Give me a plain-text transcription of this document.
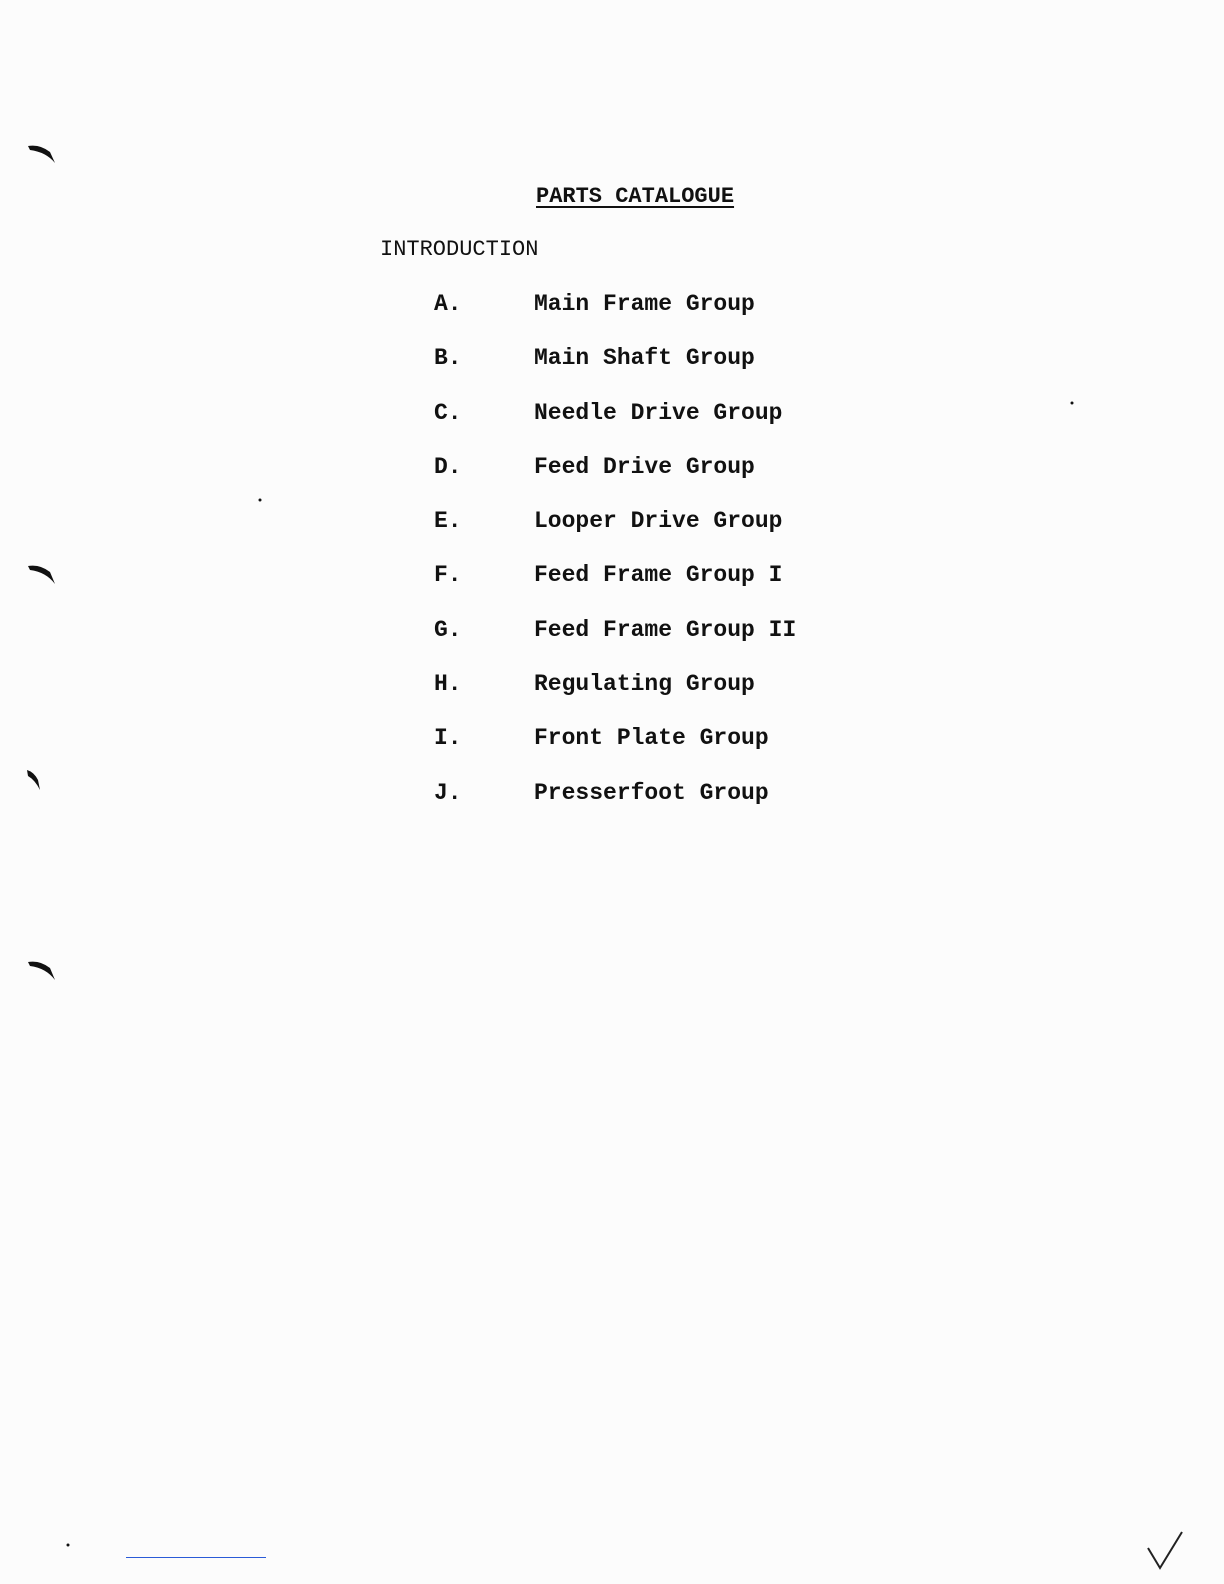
PARTS CATALOGUE
INTRODUCTION
A.	Main Frame Group
B.	Main Shaft Group
C.	Needle Drive Group
D.	Feed Drive Group
E.	Looper Drive Group
F.	Feed Frame Group I
G.	Feed Frame Group II
H.	Regulating Group
I.	Front Plate Group
J.	Presserfoot Group
